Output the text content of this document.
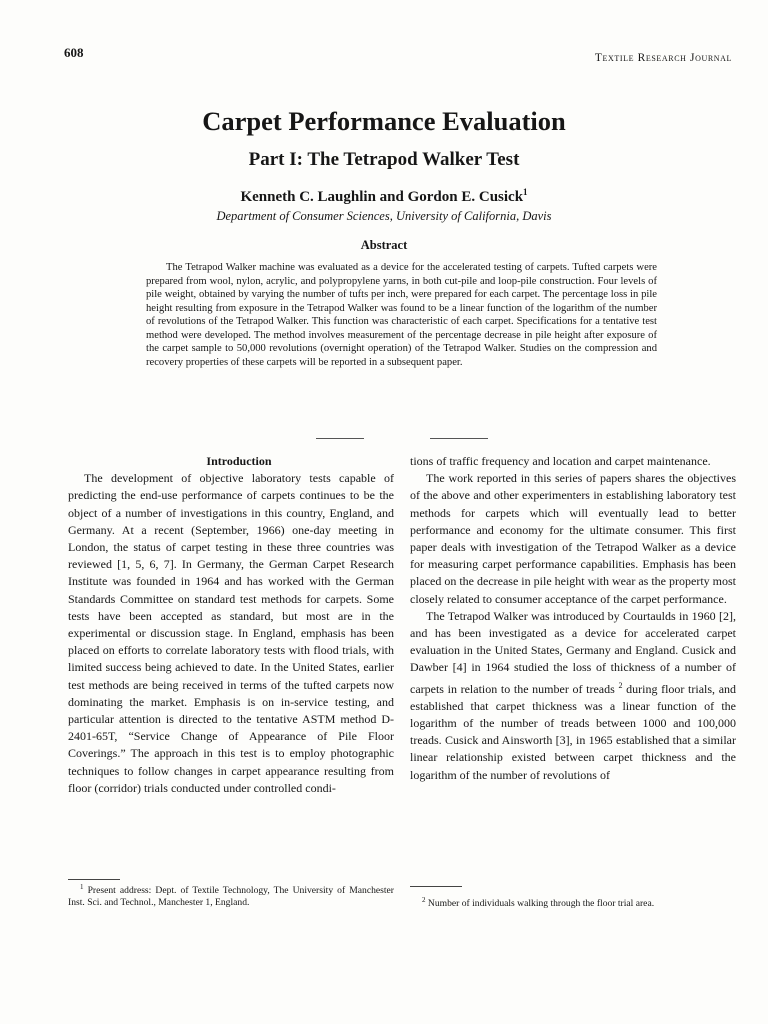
608	Textile Research Journal
Carpet Performance Evaluation
Part I: The Tetrapod Walker Test
Kenneth C. Laughlin and Gordon E. Cusick$^1$
Department of Consumer Sciences, University of California, Davis
Abstract

The Tetrapod Walker machine was evaluated as a device for the accelerated testing of carpets. Tufted carpets were prepared from wool, nylon, acrylic, and polypropylene yarns, in both cut-pile and loop-pile construction. Four levels of pile weight, obtained by varying the number of tufts per inch, were prepared for each carpet. The percentage loss in pile height resulting from exposure in the Tetrapod Walker was found to be a linear function of the logarithm of the number of revolutions of the Tetrapod Walker. This function was characteristic of each carpet. Specifications for a tentative test method were developed. The method involves measurement of the percentage decrease in pile height after exposure of the carpet sample to 50,000 revolutions (overnight operation) of the Tetrapod Walker. Studies on the compression and recovery properties of these carpets will be reported in a subsequent paper.

Introduction

The development of objective laboratory tests capable of predicting the end-use performance of carpets continues to be the object of a number of investigations in this country, England, and Germany. At a recent (September, 1966) one-day meeting in London, the status of carpet testing in these three countries was reviewed [1, 5, 6, 7]. In Germany, the German Carpet Research Institute was founded in 1964 and has worked with the German Standards Committee on standard test methods for carpets. Some tests have been accepted as standard, but most are in the experimental or discussion stage. In England, emphasis has been placed on efforts to correlate laboratory tests with flood trials, with limited success being achieved to date. In the United States, earlier test methods are being received in terms of the tufted carpets now dominating the market. Emphasis is on in-service testing, and particular attention is directed to the tentative ASTM method D-2401-65T, “Service Change of Appearance of Pile Floor Coverings.” The approach in this test is to employ photographic techniques to follow changes in carpet appearance resulting from floor (corridor) trials conducted under controlled condi-

tions of traffic frequency and location and carpet maintenance.

The work reported in this series of papers shares the objectives of the above and other experimenters in establishing laboratory test methods for carpets which will eventually lead to better performance and economy for the ultimate consumer. This first paper deals with investigation of the Tetrapod Walker as a device for measuring carpet performance capabilities. Emphasis has been placed on the decrease in pile height with wear as the property most closely related to consumer acceptance of the carpet performance.

The Tetrapod Walker was introduced by Courtaulds in 1960 [2], and has been investigated as a device for accelerated carpet evaluation in the United States, Germany and England. Cusick and Dawber [4] in 1964 studied the loss of thickness of a number of carpets in relation to the number of treads $^2$ during floor trials, and established that carpet thickness was a linear function of the logarithm of the number of treads between 1000 and 100,000 treads. Cusick and Ainsworth [3], in 1965 established that a similar linear relationship existed between carpet thickness and the logarithm of the number of revolutions of

$^1$ Present address: Dept. of Textile Technology, The University of Manchester Inst. Sci. and Technol., Manchester 1, England.	$^2$ Number of individuals walking through the floor trial area.
